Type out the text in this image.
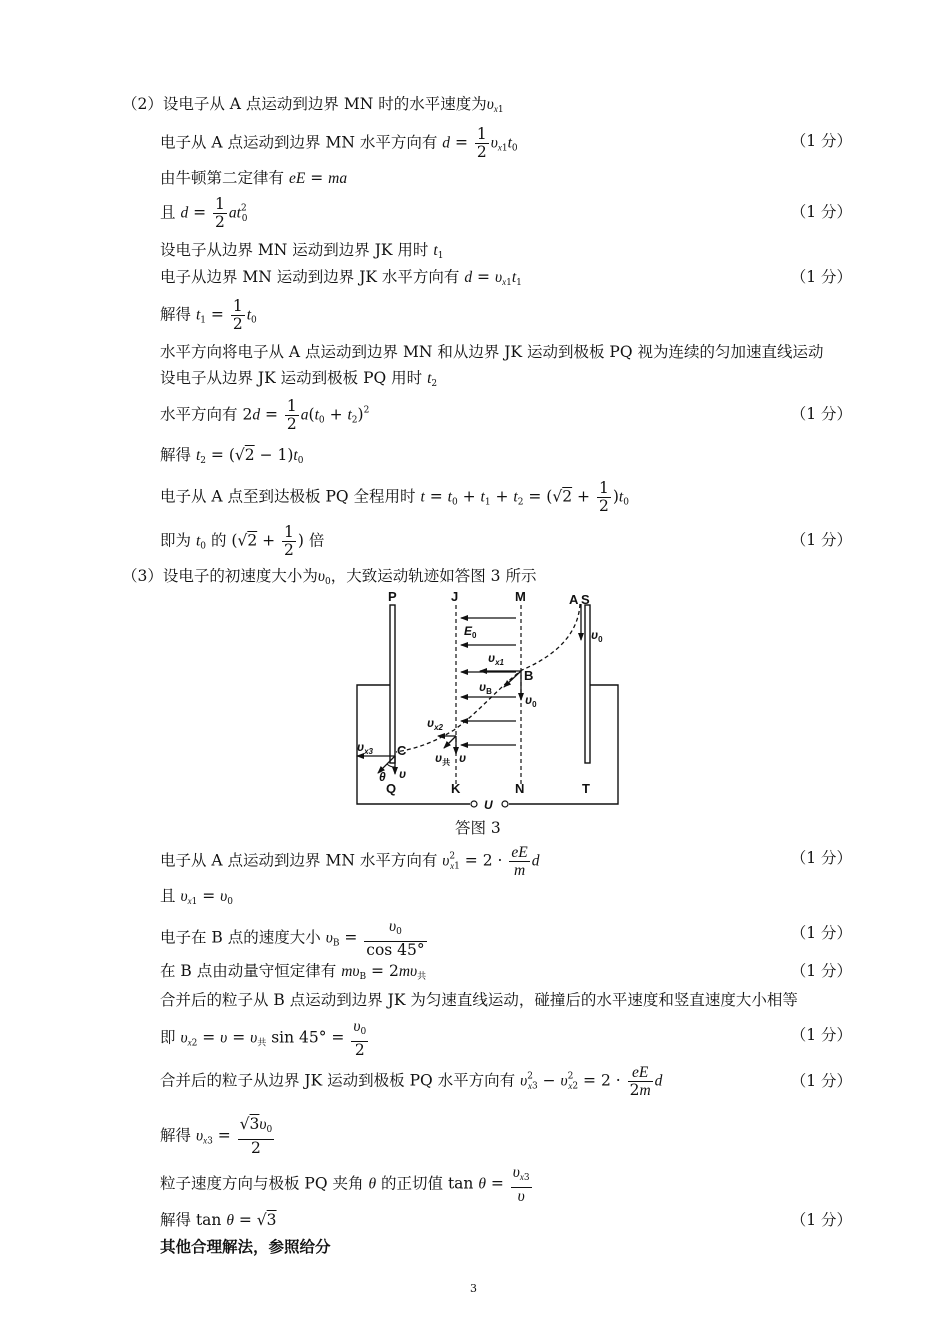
（2）设电子从 A 点运动到边界 MN 时的水平速度为$\upsilon_{x1}$
电子从 A 点运动到边界 MN 水平方向有 $d = \frac{1}{2} \upsilon_{x1}t_0$	（1 分）
由牛顿第二定律有 eE = ma
且 $d = \frac{1}{2} at^2_0$	（1 分）
设电子从边界 MN 运动到边界 JK 用时 $t_1$
电子从边界 MN 运动到边界 JK 水平方向有 $d = \upsilon_{x1}t_1$	（1 分）
解得 $t_1 = \frac{1}{2} t_0$
水平方向将电子从 A 点运动到边界 MN 和从边界 JK 运动到极板 PQ 视为连续的匀加速直线运动
设电子从边界 JK 运动到极板 PQ 用时 $t_2$
水平方向有 $2d = \frac{1}{2} a(t_0 + t_2)^2$	（1 分）
解得 $t_2 = (√2 - 1)t_0$
电子从 A 点至到达极板 PQ 全程用时 $t = t_0 + t_1 + t_2 = (√2 + \frac{1}{2} )t_0$
即为 $t_0$ 的 ($√2 + \frac{1}{2}$ ) 倍	（1 分）
（3）设电子的初速度大小为$\upsilon_0$，大致运动轨迹如答图 3 所示
P	J	M	A S
B
C
Q	K	N	T
$E_0$	$\upsilon_0$
$\upsilon_{x1}$
$\upsilon_B$
$\upsilon_0$
$\upsilon_{x2}$
$\upsilon_{x3}$
θ υ
$\upsilon_共$ υ
U
答图 3
电子从 A 点运动到边界 MN 水平方向有 $\upsilon^2_{x1} = 2 \cdot \frac{eE}{m}$ d	（1 分）
且 $\upsilon_{x1} = \upsilon_0$
电子在 B 点的速度大小 $\upsilon_B = \frac{\upsilon_0}{\cos 45^\circ}$	（1 分）
在 B 点由动量守恒定律有 $m\upsilon_B = 2m\upsilon_共$	（1 分）
合并后的粒子从 B 点运动到边界 JK 为匀速直线运动，碰撞后的水平速度和竖直速度大小相等
即 $\upsilon_{x2} = \upsilon = \upsilon_共$ $\sin 45^\circ = \frac{\upsilon_0}{2}$	（1 分）
合并后的粒子从边界 JK 运动到极板 PQ 水平方向有 $\upsilon^2_{x3} - \upsilon^2_{x2} = 2 \cdot \frac{eE}{2m}$ d	（1 分）
解得 $\upsilon_{x3} = \frac{√3\upsilon_0}{2}$
粒子速度方向与极板 PQ 夹角 θ 的正切值 $\tan \theta = \frac{\upsilon_{x3}}{\upsilon}$
解得 tan θ = √3	（1 分）
其他合理解法，参照给分
3
